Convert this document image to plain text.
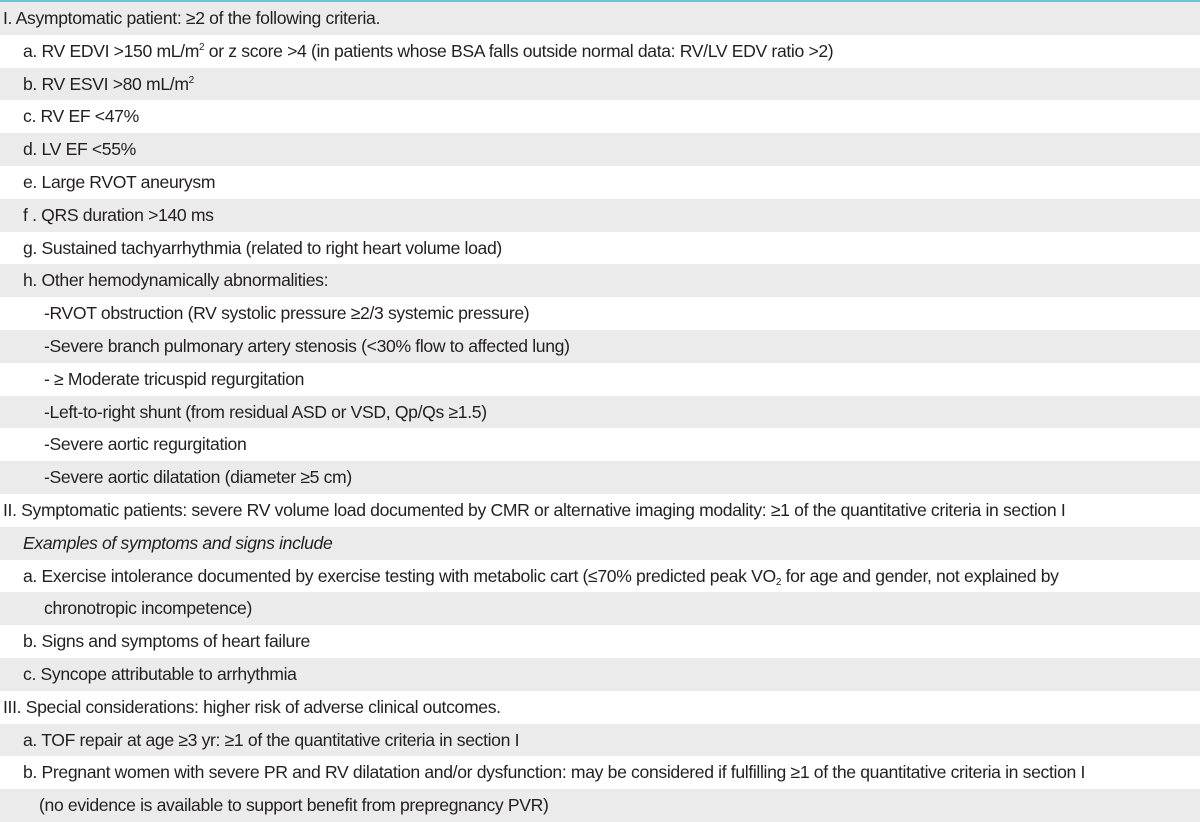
I. Asymptomatic patient: ≥2 of the following criteria.
a. RV EDVI >150 $mL/m^2$ or z score >4 (in patients whose BSA falls outside normal data: RV/LV EDV ratio >2)
b. RV ESVI >80 $mL/m^2$
c. RV EF <47%
d. LV EF <55%
e. Large RVOT aneurysm
f . QRS duration >140 ms
g. Sustained tachyarrhythmia (related to right heart volume load)
h. Other hemodynamically abnormalities:
-RVOT obstruction (RV systolic pressure ≥2/3 systemic pressure)
-Severe branch pulmonary artery stenosis (<30% flow to affected lung)
- ≥ Moderate tricuspid regurgitation
-Left-to-right shunt (from residual ASD or VSD, Qp/Qs ≥1.5)
-Severe aortic regurgitation
-Severe aortic dilatation (diameter ≥5 cm)
II. Symptomatic patients: severe RV volume load documented by CMR or alternative imaging modality: ≥1 of the quantitative criteria in section I
Examples of symptoms and signs include
a. Exercise intolerance documented by exercise testing with metabolic cart (≤70% predicted peak $VO_2$ for age and gender, not explained by
chronotropic incompetence)
b. Signs and symptoms of heart failure
c. Syncope attributable to arrhythmia
III. Special considerations: higher risk of adverse clinical outcomes.
a. TOF repair at age ≥3 yr: ≥1 of the quantitative criteria in section I
b. Pregnant women with severe PR and RV dilatation and/or dysfunction: may be considered if fulfilling ≥1 of the quantitative criteria in section I
(no evidence is available to support benefit from prepregnancy PVR)
